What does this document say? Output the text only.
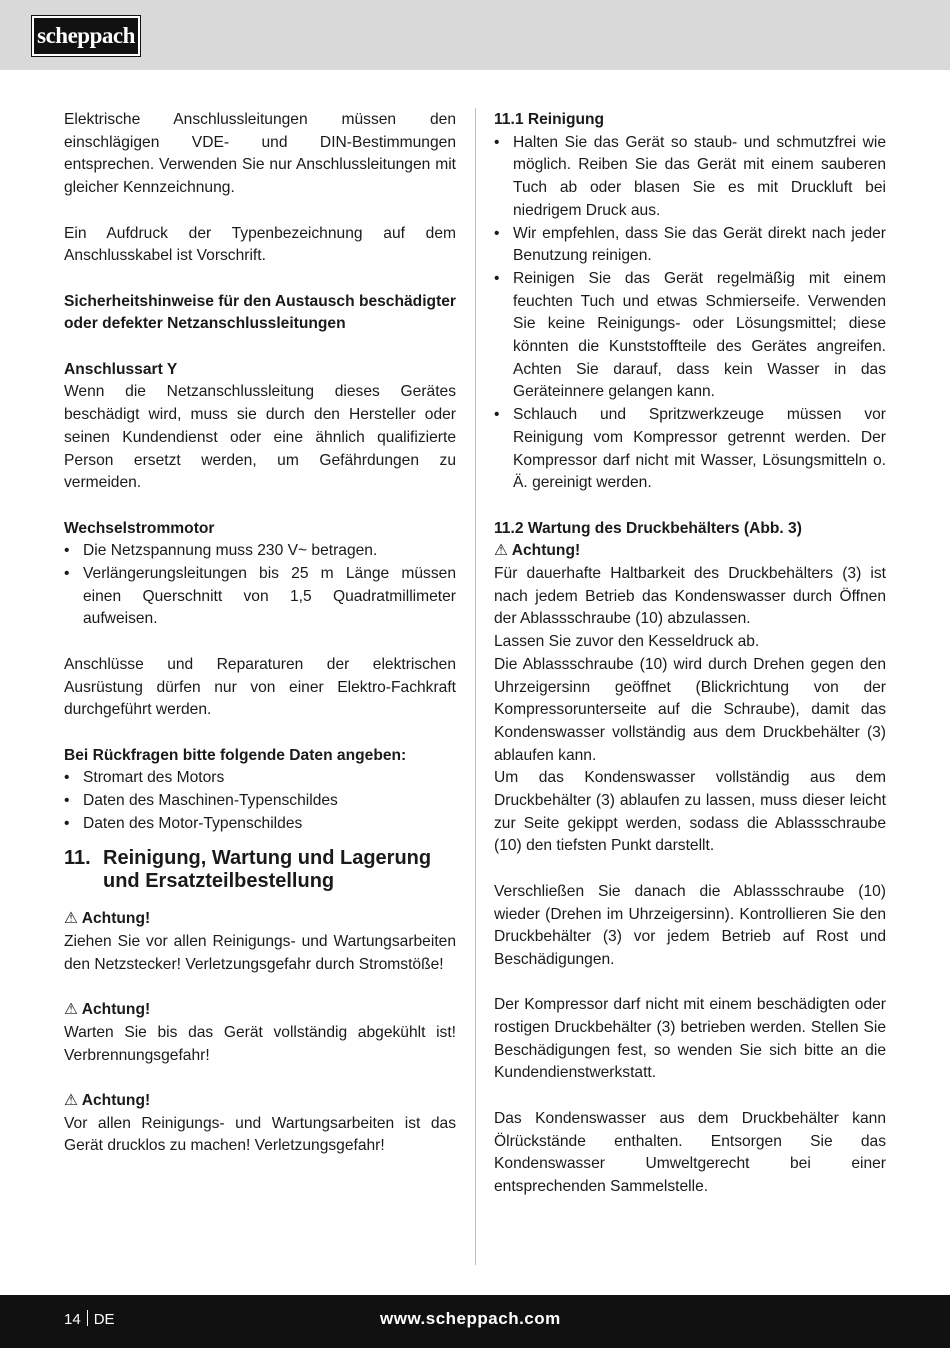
scheppach

Elektrische Anschlussleitungen müssen den einschlägigen VDE- und DIN-Bestimmungen entsprechen. Verwenden Sie nur Anschlussleitungen mit gleicher Kennzeichnung.

Ein Aufdruck der Typenbezeichnung auf dem Anschlusskabel ist Vorschrift.

Sicherheitshinweise für den Austausch beschädigter oder defekter Netzanschlussleitungen

Anschlussart Y

Wenn die Netzanschlussleitung dieses Gerätes beschädigt wird, muss sie durch den Hersteller oder seinen Kundendienst oder eine ähnlich qualifizierte Person ersetzt werden, um Gefährdungen zu vermeiden.

Wechselstrommotor

• Die Netzspannung muss 230 V~ betragen.
• Verlängerungsleitungen bis 25 m Länge müssen einen Querschnitt von 1,5 Quadratmillimeter aufweisen.

Anschlüsse und Reparaturen der elektrischen Ausrüstung dürfen nur von einer Elektro-Fachkraft durchgeführt werden.

Bei Rückfragen bitte folgende Daten angeben:

• Stromart des Motors
• Daten des Maschinen-Typenschildes
• Daten des Motor-Typenschildes
11. Reinigung, Wartung und Lagerung und Ersatzteilbestellung

⚠ Achtung!

Ziehen Sie vor allen Reinigungs- und Wartungsarbeiten den Netzstecker! Verletzungsgefahr durch Stromstöße!

⚠ Achtung!

Warten Sie bis das Gerät vollständig abgekühlt ist! Verbrennungsgefahr!

⚠ Achtung!

Vor allen Reinigungs- und Wartungsarbeiten ist das Gerät drucklos zu machen! Verletzungsgefahr!

11.1 Reinigung

• Halten Sie das Gerät so staub- und schmutzfrei wie möglich. Reiben Sie das Gerät mit einem sauberen Tuch ab oder blasen Sie es mit Druckluft bei niedrigem Druck aus.
• Wir empfehlen, dass Sie das Gerät direkt nach jeder Benutzung reinigen.
• Reinigen Sie das Gerät regelmäßig mit einem feuchten Tuch und etwas Schmierseife. Verwenden Sie keine Reinigungs- oder Lösungsmittel; diese könnten die Kunststoffteile des Gerätes angreifen. Achten Sie darauf, dass kein Wasser in das Geräteinnere gelangen kann.
• Schlauch und Spritzwerkzeuge müssen vor Reinigung vom Kompressor getrennt werden. Der Kompressor darf nicht mit Wasser, Lösungsmitteln o. Ä. gereinigt werden.

11.2 Wartung des Druckbehälters (Abb. 3)

⚠ Achtung!

Für dauerhafte Haltbarkeit des Druckbehälters (3) ist nach jedem Betrieb das Kondenswasser durch Öffnen der Ablassschraube (10) abzulassen.

Lassen Sie zuvor den Kesseldruck ab.

Die Ablassschraube (10) wird durch Drehen gegen den Uhrzeigersinn geöffnet (Blickrichtung von der Kompressorunterseite auf die Schraube), damit das Kondenswasser vollständig aus dem Druckbehälter (3) ablaufen kann.

Um das Kondenswasser vollständig aus dem Druckbehälter (3) ablaufen zu lassen, muss dieser leicht zur Seite gekippt werden, sodass die Ablassschraube (10) den tiefsten Punkt darstellt.

Verschließen Sie danach die Ablassschraube (10) wieder (Drehen im Uhrzeigersinn). Kontrollieren Sie den Druckbehälter (3) vor jedem Betrieb auf Rost und Beschädigungen.

Der Kompressor darf nicht mit einem beschädigten oder rostigen Druckbehälter (3) betrieben werden. Stellen Sie Beschädigungen fest, so wenden Sie sich bitte an die Kundendienstwerkstatt.

Das Kondenswasser aus dem Druckbehälter kann Ölrückstände enthalten. Entsorgen Sie das Kondenswasser Umweltgerecht bei einer entsprechenden Sammelstelle.

14 DE	www.scheppach.com
